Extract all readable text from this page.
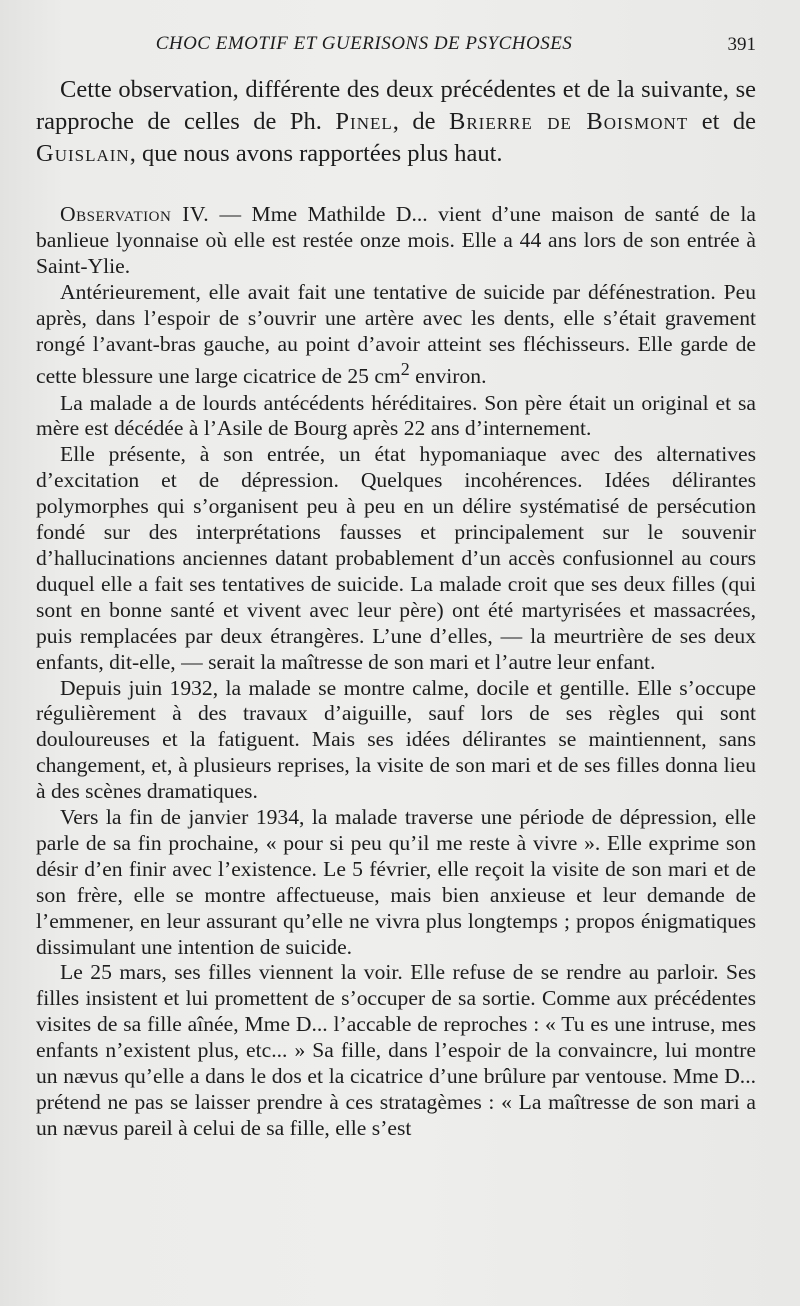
CHOC EMOTIF ET GUERISONS DE PSYCHOSES	391

Cette observation, différente des deux précédentes et de la suivante, se rapproche de celles de Ph. Pinel, de Brierre de Boismont et de Guislain, que nous avons rapportées plus haut.

Observation IV. — Mme Mathilde D... vient d’une maison de santé de la banlieue lyonnaise où elle est restée onze mois. Elle a 44 ans lors de son entrée à Saint-Ylie.

Antérieurement, elle avait fait une tentative de suicide par défénestration. Peu après, dans l’espoir de s’ouvrir une artère avec les dents, elle s’était gravement rongé l’avant-bras gauche, au point d’avoir atteint ses fléchisseurs. Elle garde de cette blessure une large cicatrice de 25 $cm^2$ environ.

La malade a de lourds antécédents héréditaires. Son père était un original et sa mère est décédée à l’Asile de Bourg après 22 ans d’internement.

Elle présente, à son entrée, un état hypomaniaque avec des alternatives d’excitation et de dépression. Quelques incohérences. Idées délirantes polymorphes qui s’organisent peu à peu en un délire systématisé de persécution fondé sur des interprétations fausses et principalement sur le souvenir d’hallucinations anciennes datant probablement d’un accès confusionnel au cours duquel elle a fait ses tentatives de suicide. La malade croit que ses deux filles (qui sont en bonne santé et vivent avec leur père) ont été martyrisées et massacrées, puis remplacées par deux étrangères. L’une d’elles, — la meurtrière de ses deux enfants, dit-elle, — serait la maîtresse de son mari et l’autre leur enfant.

Depuis juin 1932, la malade se montre calme, docile et gentille. Elle s’occupe régulièrement à des travaux d’aiguille, sauf lors de ses règles qui sont douloureuses et la fatiguent. Mais ses idées délirantes se maintiennent, sans changement, et, à plusieurs reprises, la visite de son mari et de ses filles donna lieu à des scènes dramatiques.

Vers la fin de janvier 1934, la malade traverse une période de dépression, elle parle de sa fin prochaine, « pour si peu qu’il me reste à vivre ». Elle exprime son désir d’en finir avec l’existence. Le 5 février, elle reçoit la visite de son mari et de son frère, elle se montre affectueuse, mais bien anxieuse et leur demande de l’emmener, en leur assurant qu’elle ne vivra plus longtemps ; propos énigmatiques dissimulant une intention de suicide.

Le 25 mars, ses filles viennent la voir. Elle refuse de se rendre au parloir. Ses filles insistent et lui promettent de s’occuper de sa sortie. Comme aux précédentes visites de sa fille aînée, Mme D... l’accable de reproches : « Tu es une intruse, mes enfants n’existent plus, etc... » Sa fille, dans l’espoir de la convaincre, lui montre un nævus qu’elle a dans le dos et la cicatrice d’une brûlure par ventouse. Mme D... prétend ne pas se laisser prendre à ces stratagèmes : « La maîtresse de son mari a un nævus pareil à celui de sa fille, elle s’est
